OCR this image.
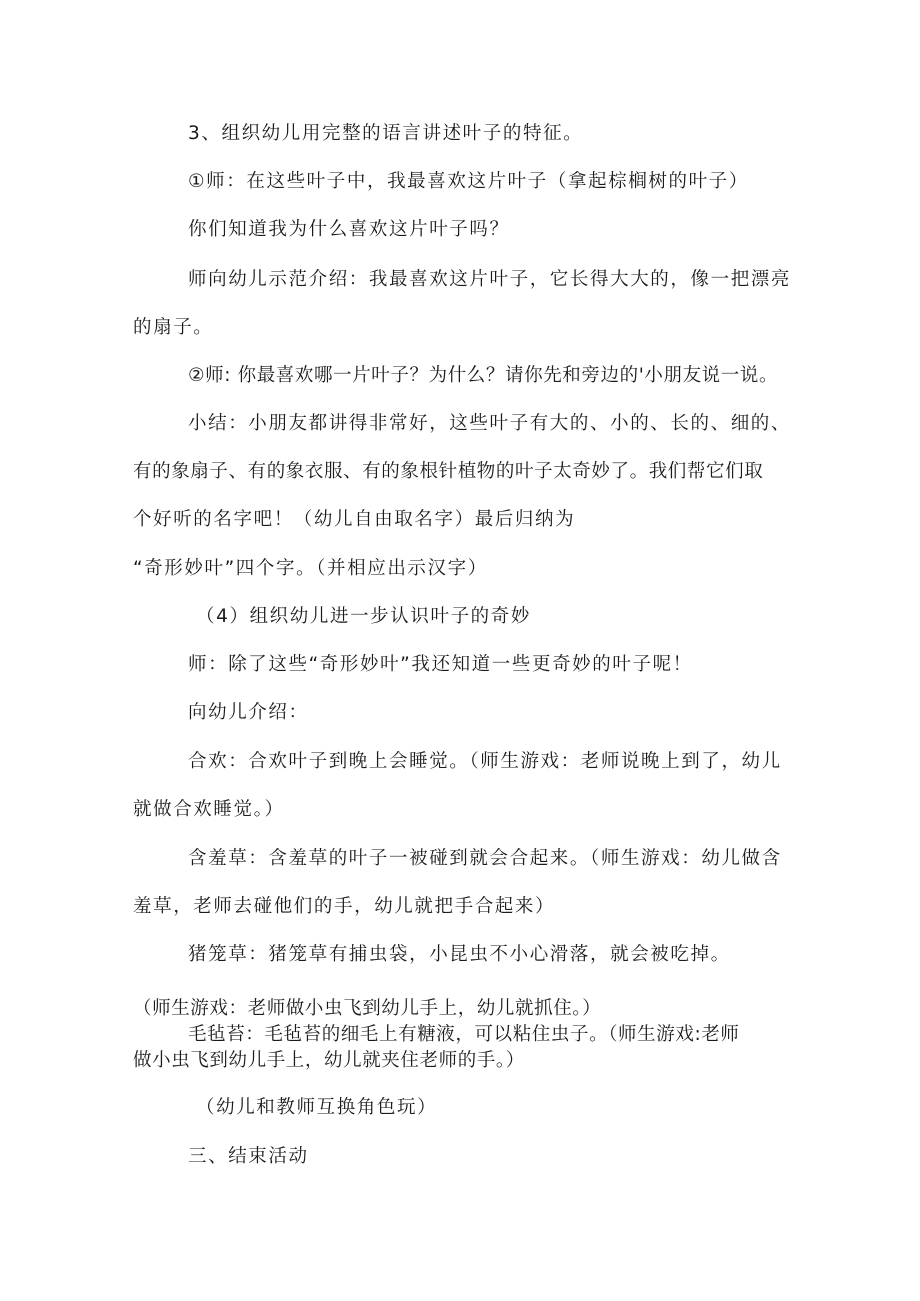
3、组织幼儿用完整的语言讲述叶子的特征。
①师：在这些叶子中，我最喜欢这片叶子（拿起棕榈树的叶子）
你们知道我为什么喜欢这片叶子吗？
师向幼儿示范介绍：我最喜欢这片叶子，它长得大大的，像一把漂亮
的扇子。
②师: 你最喜欢哪一片叶子？为什么？请你先和旁边的'小朋友说一说。
小结：小朋友都讲得非常好，这些叶子有大的、小的、长的、细的、
有的象扇子、有的象衣服、有的象根针植物的叶子太奇妙了。我们帮它们取
个好听的名字吧！（幼儿自由取名字）最后归纳为
“奇形妙叶”四个字。（并相应出示汉字）
（4）组织幼儿进一步认识叶子的奇妙
师：除了这些“奇形妙叶”我还知道一些更奇妙的叶子呢！
向幼儿介绍：
合欢：合欢叶子到晚上会睡觉。（师生游戏：老师说晚上到了，幼儿
就做合欢睡觉。）
含羞草：含羞草的叶子一被碰到就会合起来。（师生游戏：幼儿做含
羞草，老师去碰他们的手，幼儿就把手合起来）
猪笼草：猪笼草有捕虫袋，小昆虫不小心滑落，就会被吃掉。
（师生游戏：老师做小虫飞到幼儿手上，幼儿就抓住。）
毛毡苔：毛毡苔的细毛上有糖液，可以粘住虫子。（师生游戏:老师
做小虫飞到幼儿手上，幼儿就夹住老师的手。）
（幼儿和教师互换角色玩）
三、结束活动
